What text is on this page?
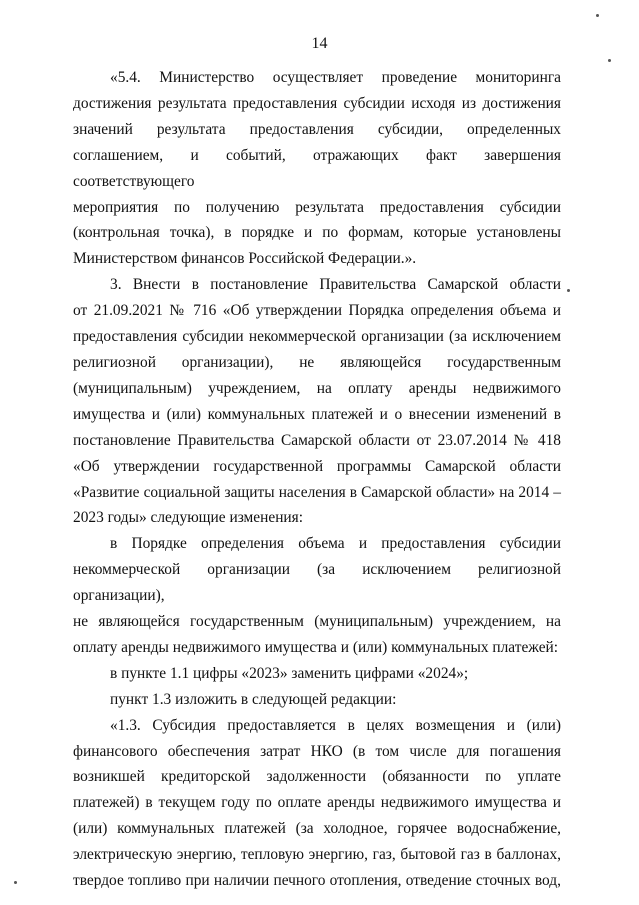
14
«5.4. Министерство осуществляет проведение мониторинга
достижения результата предоставления субсидии исходя из достижения
значений результата предоставления субсидии, определенных
соглашением, и событий, отражающих факт завершения соответствующего
мероприятия по получению результата предоставления субсидии
(контрольная точка), в порядке и по формам, которые установлены
Министерством финансов Российской Федерации.».
3. Внести в постановление Правительства Самарской области
от 21.09.2021 № 716 «Об утверждении Порядка определения объема и
предоставления субсидии некоммерческой организации (за исключением
религиозной организации), не являющейся государственным
(муниципальным) учреждением, на оплату аренды недвижимого
имущества и (или) коммунальных платежей и о внесении изменений в
постановление Правительства Самарской области от 23.07.2014 № 418
«Об утверждении государственной программы Самарской области
«Развитие социальной защиты населения в Самарской области» на 2014 –
2023 годы» следующие изменения:
в Порядке определения объема и предоставления субсидии
некоммерческой организации (за исключением религиозной организации),
не являющейся государственным (муниципальным) учреждением, на
оплату аренды недвижимого имущества и (или) коммунальных платежей:
в пункте 1.1 цифры «2023» заменить цифрами «2024»;
пункт 1.3 изложить в следующей редакции:
«1.3. Субсидия предоставляется в целях возмещения и (или)
финансового обеспечения затрат НКО (в том числе для погашения
возникшей кредиторской задолженности (обязанности по уплате
платежей) в текущем году по оплате аренды недвижимого имущества и
(или) коммунальных платежей (за холодное, горячее водоснабжение,
электрическую энергию, тепловую энергию, газ, бытовой газ в баллонах,
твердое топливо при наличии печного отопления, отведение сточных вод,
